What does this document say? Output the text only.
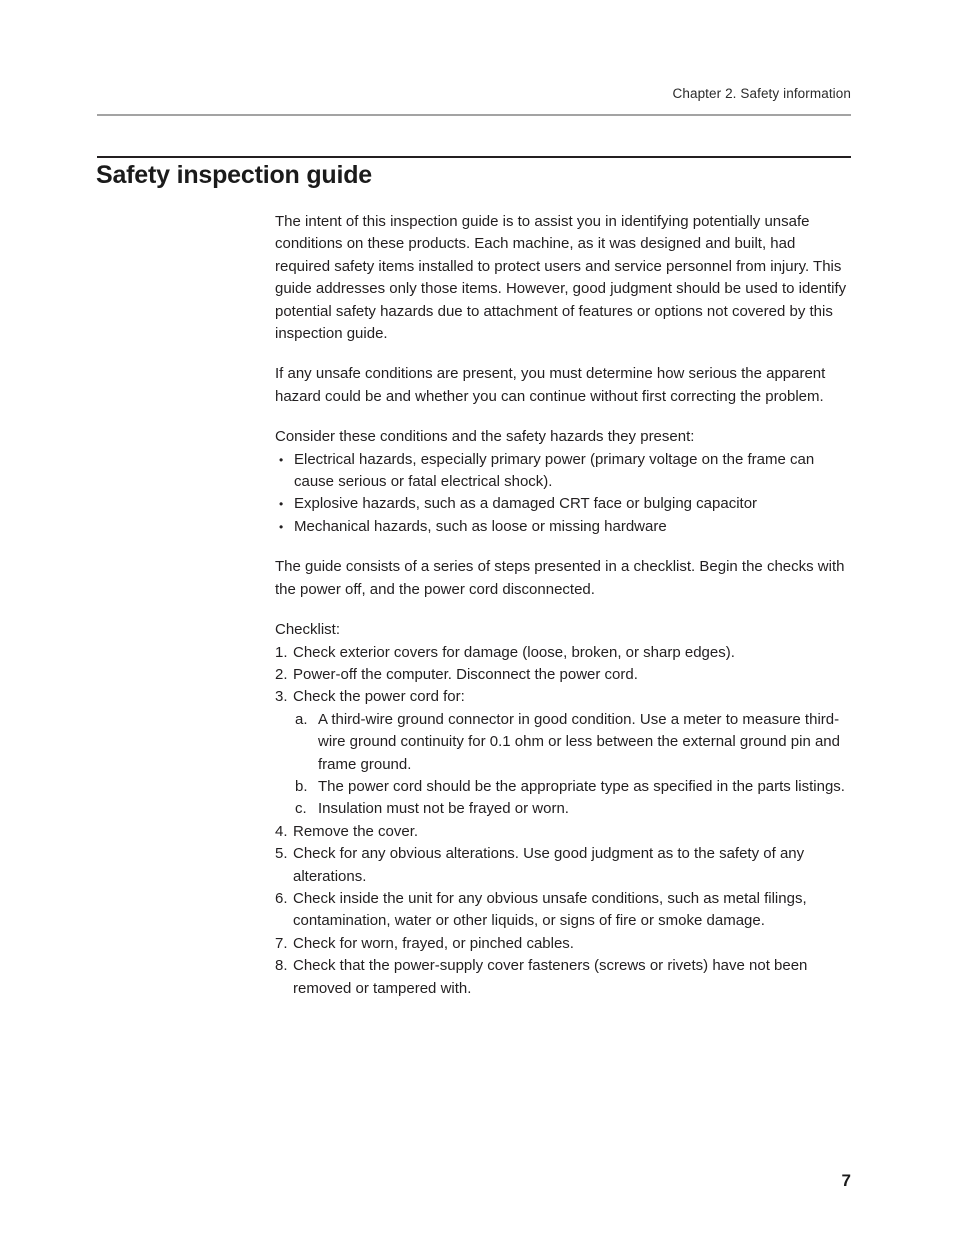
Chapter 2. Safety information
Safety inspection guide

The intent of this inspection guide is to assist you in identifying potentially unsafe conditions on these products. Each machine, as it was designed and built, had required safety items installed to protect users and service personnel from injury. This guide addresses only those items. However, good judgment should be used to identify potential safety hazards due to attachment of features or options not covered by this inspection guide.

If any unsafe conditions are present, you must determine how serious the apparent hazard could be and whether you can continue without first correcting the problem.

Consider these conditions and the safety hazards they present:

• Electrical hazards, especially primary power (primary voltage on the frame can cause serious or fatal electrical shock).
• Explosive hazards, such as a damaged CRT face or bulging capacitor
• Mechanical hazards, such as loose or missing hardware

The guide consists of a series of steps presented in a checklist. Begin the checks with the power off, and the power cord disconnected.

Checklist:

1. Check exterior covers for damage (loose, broken, or sharp edges).
2. Power-off the computer. Disconnect the power cord.
3. Check the power cord for:
a. A third-wire ground connector in good condition. Use a meter to measure third-wire ground continuity for 0.1 ohm or less between the external ground pin and frame ground.
b. The power cord should be the appropriate type as specified in the parts listings.
c. Insulation must not be frayed or worn.
4. Remove the cover.
5. Check for any obvious alterations. Use good judgment as to the safety of any alterations.
6. Check inside the unit for any obvious unsafe conditions, such as metal filings, contamination, water or other liquids, or signs of fire or smoke damage.
7. Check for worn, frayed, or pinched cables.
8. Check that the power-supply cover fasteners (screws or rivets) have not been removed or tampered with.
7
